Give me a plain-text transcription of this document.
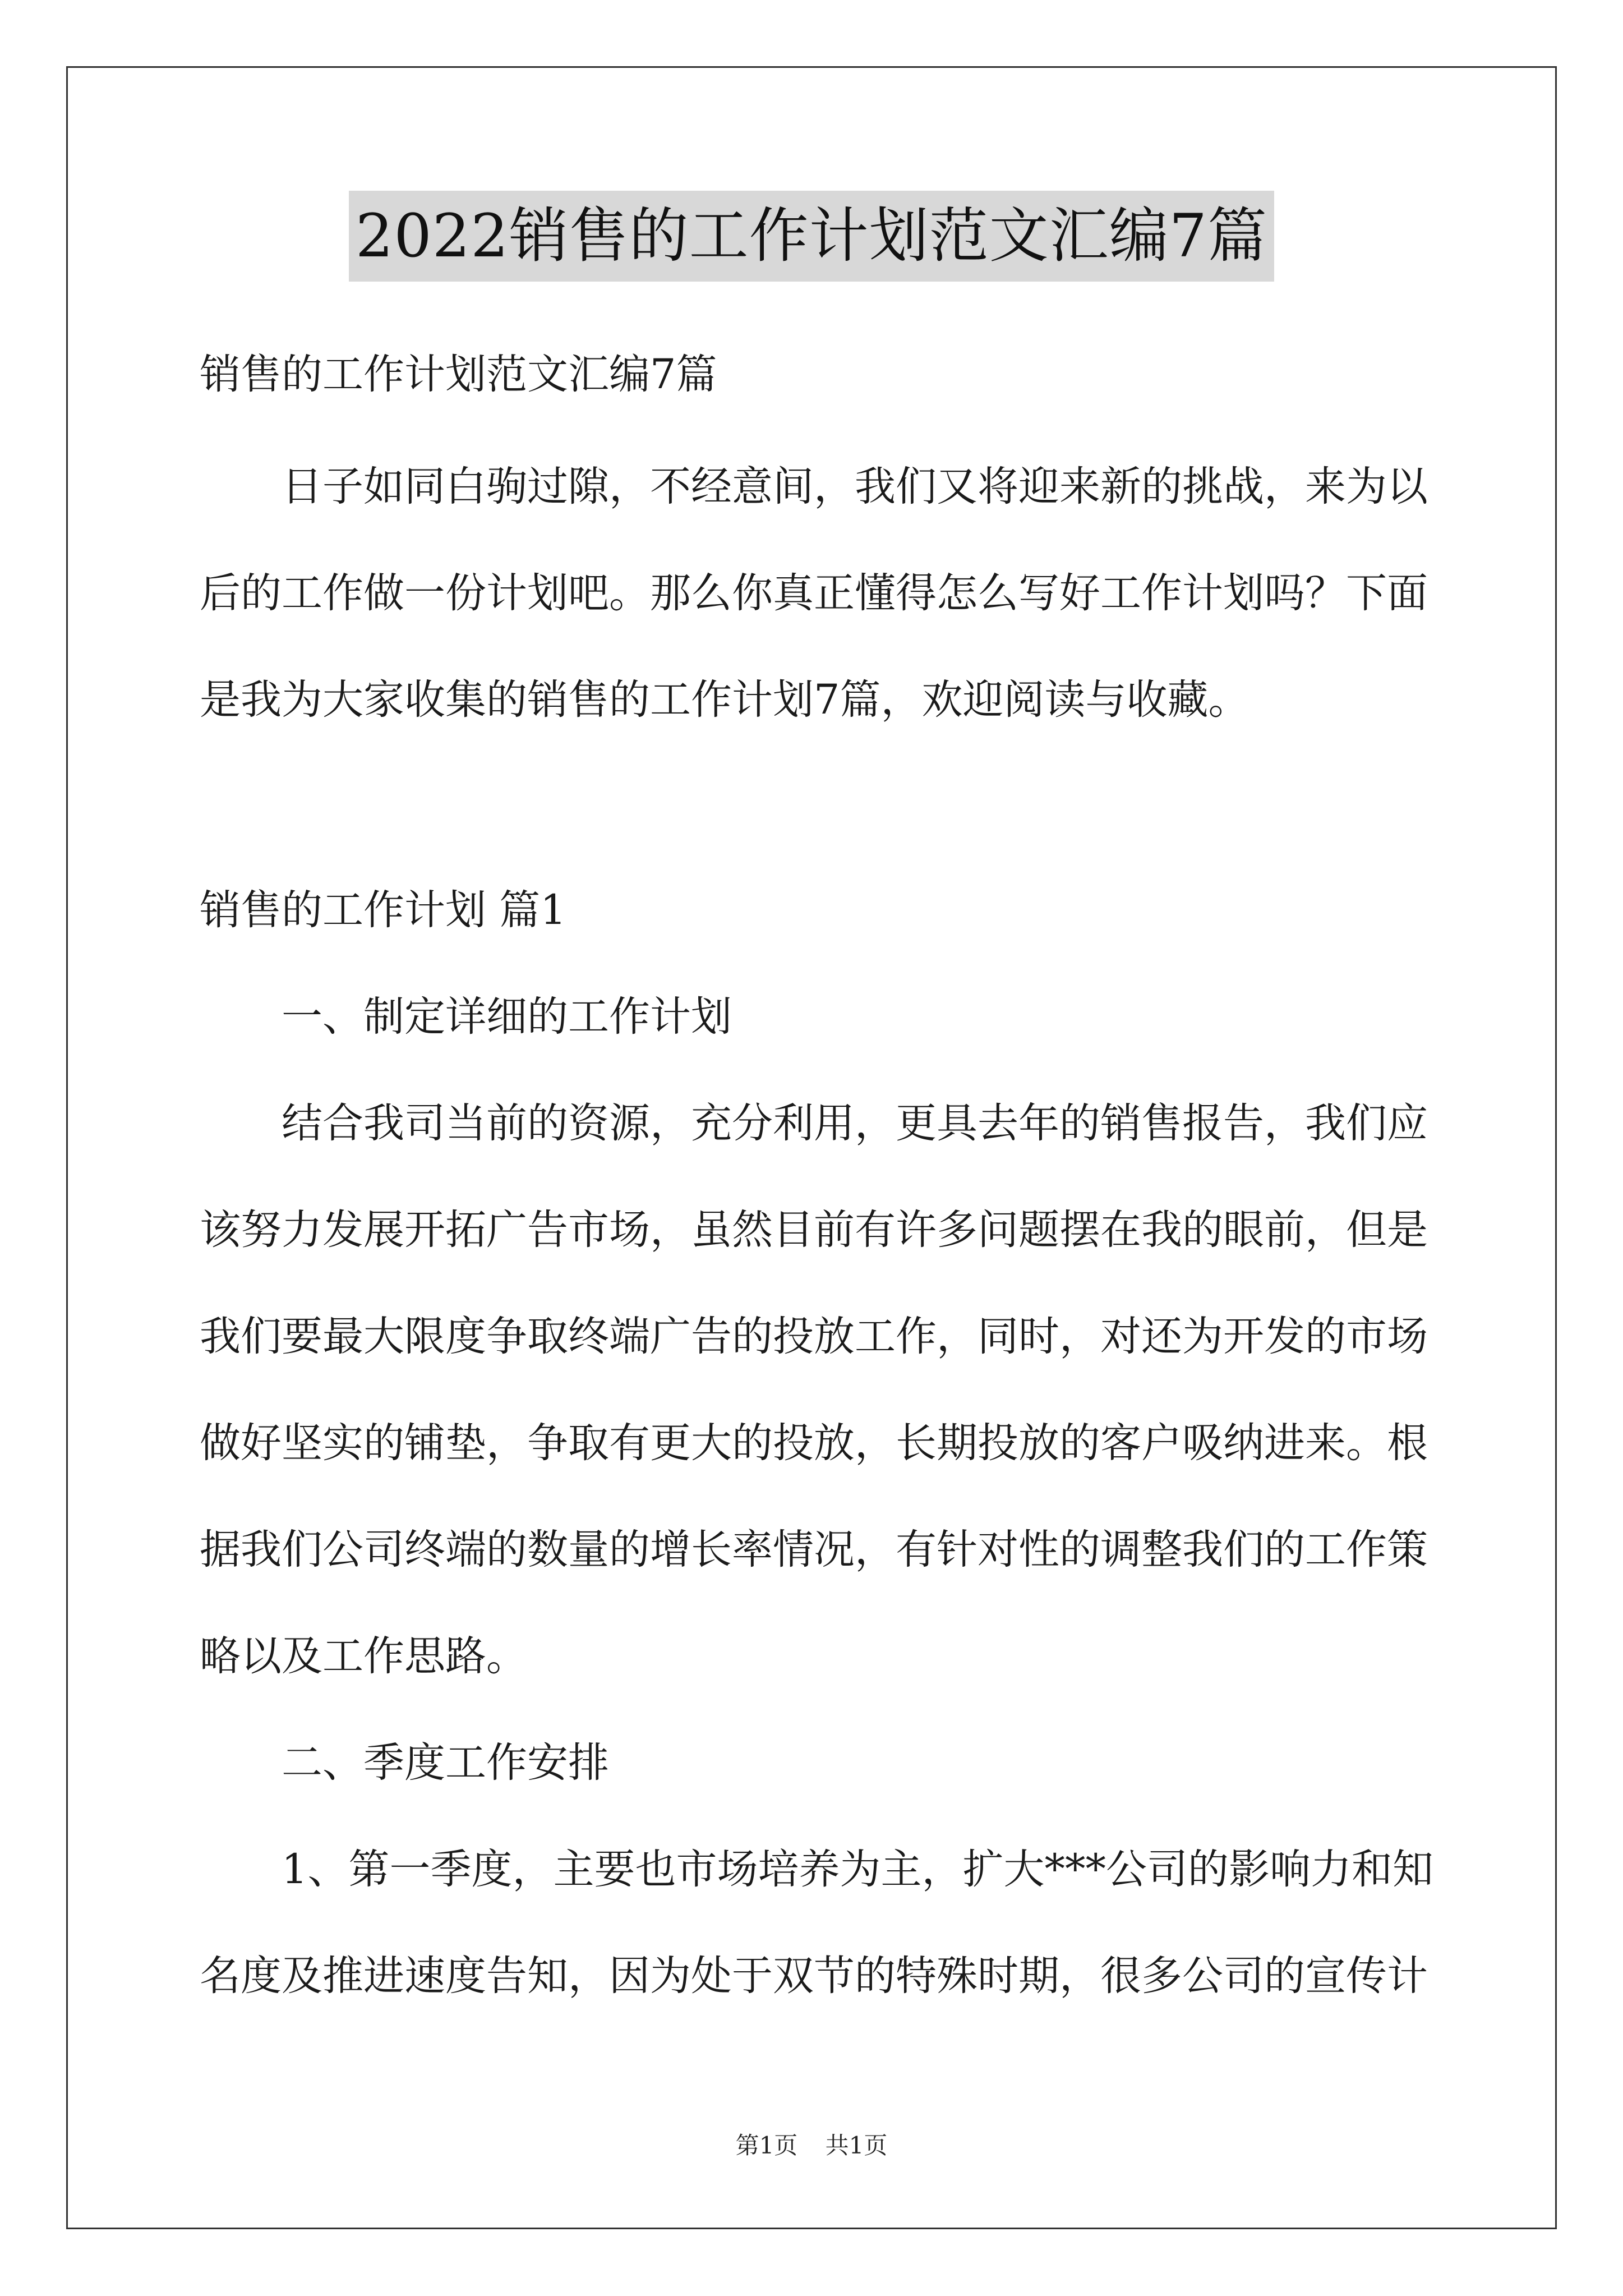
2022销售的工作计划范文汇编7篇
销售的工作计划范文汇编7篇
日子如同白驹过隙，不经意间，我们又将迎来新的挑战，来为以
后的工作做一份计划吧。那么你真正懂得怎么写好工作计划吗？下面
是我为大家收集的销售的工作计划7篇，欢迎阅读与收藏。
销售的工作计划 篇1
一、制定详细的工作计划
结合我司当前的资源，充分利用，更具去年的销售报告，我们应
该努力发展开拓广告市场，虽然目前有许多问题摆在我的眼前，但是
我们要最大限度争取终端广告的投放工作，同时，对还为开发的市场
做好坚实的铺垫，争取有更大的投放，长期投放的客户吸纳进来。根
据我们公司终端的数量的增长率情况，有针对性的调整我们的工作策
略以及工作思路。
二、季度工作安排
1、第一季度，主要也市场培养为主，扩大***公司的影响力和知
名度及推进速度告知，因为处于双节的特殊时期，很多公司的宣传计
第1页 共1页
